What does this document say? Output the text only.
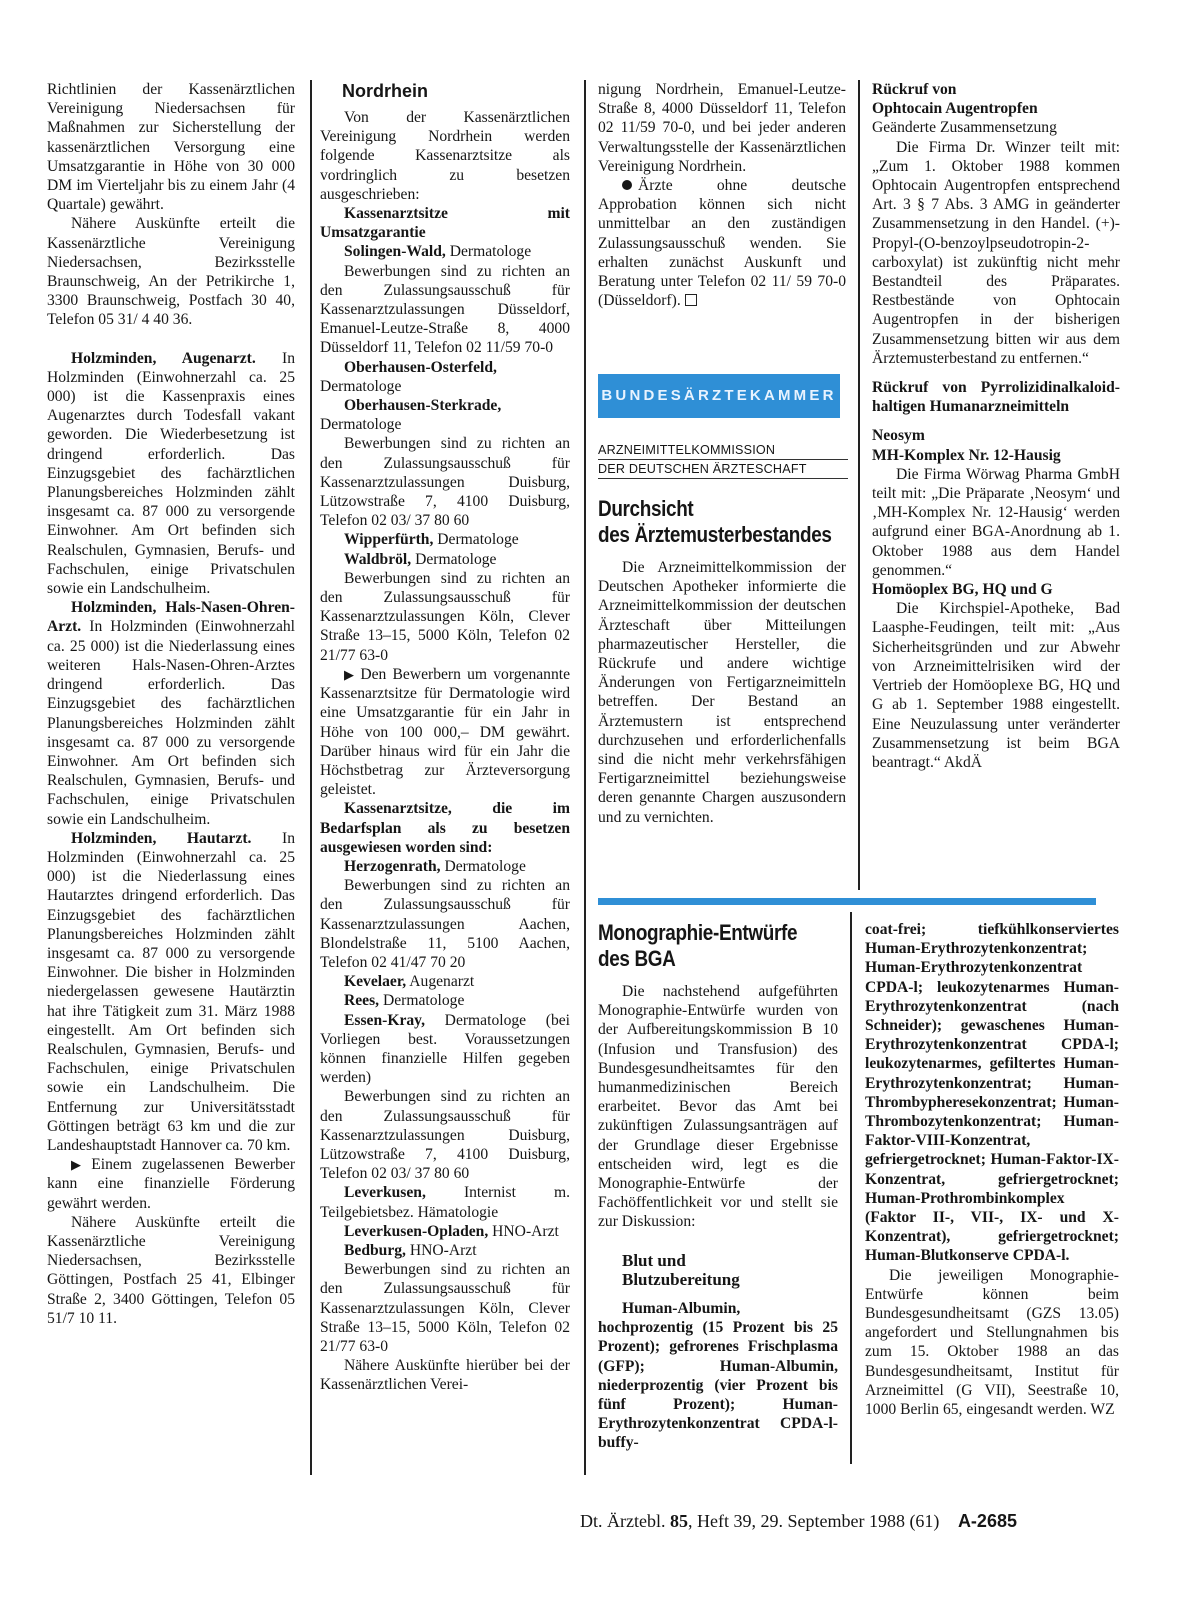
Richtlinien der Kassenärztlichen Vereinigung Niedersachsen für Maßnahmen zur Sicherstellung der kassenärztlichen Versorgung eine Umsatzgarantie in Höhe von 30 000 DM im Vierteljahr bis zu einem Jahr (4 Quartale) gewährt.

Nähere Auskünfte erteilt die Kassenärztliche Vereinigung Niedersachsen, Bezirksstelle Braunschweig, An der Petrikirche 1, 3300 Braunschweig, Postfach 30 40, Telefon 05 31/ 4 40 36.

Holzminden, Augenarzt. In Holzminden (Einwohnerzahl ca. 25 000) ist die Kassenpraxis eines Augenarztes durch Todesfall vakant geworden. Die Wiederbesetzung ist dringend erforderlich. Das Einzugsgebiet des fachärztlichen Planungsbereiches Holzminden zählt insgesamt ca. 87 000 zu versorgende Einwohner. Am Ort befinden sich Realschulen, Gymnasien, Berufs- und Fachschulen, einige Privatschulen sowie ein Landschulheim.

Holzminden, Hals-Nasen-Ohren-Arzt. In Holzminden (Einwohnerzahl ca. 25 000) ist die Niederlassung eines weiteren Hals-Nasen-Ohren-Arztes dringend erforderlich. Das Einzugsgebiet des fachärztlichen Planungsbereiches Holzminden zählt insgesamt ca. 87 000 zu versorgende Einwohner. Am Ort befinden sich Realschulen, Gymnasien, Berufs- und Fachschulen, einige Privatschulen sowie ein Landschulheim.

Holzminden, Hautarzt. In Holzminden (Einwohnerzahl ca. 25 000) ist die Niederlassung eines Hautarztes dringend erforderlich. Das Einzugsgebiet des fachärztlichen Planungsbereiches Holzminden zählt insgesamt ca. 87 000 zu versorgende Einwohner. Die bisher in Holzminden niedergelassen gewesene Hautärztin hat ihre Tätigkeit zum 31. März 1988 eingestellt. Am Ort befinden sich Realschulen, Gymnasien, Berufs- und Fachschulen, einige Privatschulen sowie ein Landschulheim. Die Entfernung zur Universitätsstadt Göttingen beträgt 63 km und die zur Landeshauptstadt Hannover ca. 70 km.

▶ Einem zugelassenen Bewerber kann eine finanzielle Förderung gewährt werden.

Nähere Auskünfte erteilt die Kassenärztliche Vereinigung Niedersachsen, Bezirksstelle Göttingen, Postfach 25 41, Elbinger Straße 2, 3400 Göttingen, Telefon 05 51/7 10 11.

Nordrhein

Von der Kassenärztlichen Vereinigung Nordrhein werden folgende Kassenarztsitze als vordringlich zu besetzen ausgeschrieben:

Kassenarztsitze mit Umsatzgarantie

Solingen-Wald, Dermatologe

Bewerbungen sind zu richten an den Zulassungsausschuß für Kassenarztzulassungen Düsseldorf, Emanuel-Leutze-Straße 8, 4000 Düsseldorf 11, Telefon 02 11/59 70-0

Oberhausen-Osterfeld, Dermatologe

Oberhausen-Sterkrade, Dermatologe

Bewerbungen sind zu richten an den Zulassungsausschuß für Kassenarztzulassungen Duisburg, Lützowstraße 7, 4100 Duisburg, Telefon 02 03/ 37 80 60

Wipperfürth, Dermatologe

Waldbröl, Dermatologe

Bewerbungen sind zu richten an den Zulassungsausschuß für Kassenarztzulassungen Köln, Clever Straße 13–15, 5000 Köln, Telefon 02 21/77 63-0

▶ Den Bewerbern um vorgenannte Kassenarztsitze für Dermatologie wird eine Umsatzgarantie für ein Jahr in Höhe von 100 000,– DM gewährt. Darüber hinaus wird für ein Jahr die Höchstbetrag zur Ärzteversorgung geleistet.

Kassenarztsitze, die im Bedarfsplan als zu besetzen ausgewiesen worden sind:

Herzogenrath, Dermatologe

Bewerbungen sind zu richten an den Zulassungsausschuß für Kassenarztzulassungen Aachen, Blondelstraße 11, 5100 Aachen, Telefon 02 41/47 70 20

Kevelaer, Augenarzt

Rees, Dermatologe

Essen-Kray, Dermatologe (bei Vorliegen best. Voraussetzungen können finanzielle Hilfen gegeben werden)

Bewerbungen sind zu richten an den Zulassungsausschuß für Kassenarztzulassungen Duisburg, Lützowstraße 7, 4100 Duisburg, Telefon 02 03/ 37 80 60

Leverkusen, Internist m. Teilgebietsbez. Hämatologie

Leverkusen-Opladen, HNO-Arzt

Bedburg, HNO-Arzt

Bewerbungen sind zu richten an den Zulassungsausschuß für Kassenarztzulassungen Köln, Clever Straße 13–15, 5000 Köln, Telefon 02 21/77 63-0

Nähere Auskünfte hierüber bei der Kassenärztlichen Verei-

nigung Nordrhein, Emanuel-Leutze-Straße 8, 4000 Düsseldorf 11, Telefon 02 11/59 70-0, und bei jeder anderen Verwaltungsstelle der Kassenärztlichen Vereinigung Nordrhein.

Ärzte ohne deutsche Approbation können sich nicht unmittelbar an den zuständigen Zulassungsausschuß wenden. Sie erhalten zunächst Auskunft und Beratung unter Telefon 02 11/ 59 70-0 (Düsseldorf).

BUNDESÄRZTEKAMMER
ARZNEIMITTELKOMMISSION
DER DEUTSCHEN ÄRZTESCHAFT
Durchsicht
des Ärztemusterbestandes

Die Arzneimittelkommission der Deutschen Apotheker informierte die Arzneimittelkommission der deutschen Ärzteschaft über Mitteilungen pharmazeutischer Hersteller, die Rückrufe und andere wichtige Änderungen von Fertigarzneimitteln betreffen. Der Bestand an Ärztemustern ist entsprechend durchzusehen und erforderlichenfalls sind die nicht mehr verkehrsfähigen Fertigarzneimittel beziehungsweise deren genannte Chargen auszusondern und zu vernichten.

Rückruf von

Ophtocain Augentropfen

Geänderte Zusammensetzung

Die Firma Dr. Winzer teilt mit: „Zum 1. Oktober 1988 kommen Ophtocain Augentropfen entsprechend Art. 3 § 7 Abs. 3 AMG in geänderter Zusammensetzung in den Handel. (+)-Propyl-(O-benzoylpseudotropin-2-carboxylat) ist zukünftig nicht mehr Bestandteil des Präparates. Restbestände von Ophtocain Augentropfen in der bisherigen Zusammensetzung bitten wir aus dem Ärztemusterbestand zu entfernen.“

Rückruf von Pyrrolizidinalkaloid-haltigen Humanarzneimitteln

Neosym

MH-Komplex Nr. 12-Hausig

Die Firma Wörwag Pharma GmbH teilt mit: „Die Präparate ‚Neosym‘ und ‚MH-Komplex Nr. 12-Hausig‘ werden aufgrund einer BGA-Anordnung ab 1. Oktober 1988 aus dem Handel genommen.“

Homöoplex BG, HQ und G

Die Kirchspiel-Apotheke, Bad Laasphe-Feudingen, teilt mit: „Aus Sicherheitsgründen und zur Abwehr von Arzneimittelrisiken wird der Vertrieb der Homöoplexe BG, HQ und G ab 1. September 1988 eingestellt. Eine Neuzulassung unter veränderter Zusammensetzung ist beim BGA beantragt.“ AkdÄ

Monographie-Entwürfe
des BGA

Die nachstehend aufgeführten Monographie-Entwürfe wurden von der Aufbereitungskommission B 10 (Infusion und Transfusion) des Bundesgesundheitsamtes für den humanmedizinischen Bereich erarbeitet. Bevor das Amt bei zukünftigen Zulassungsanträgen auf der Grundlage dieser Ergebnisse entscheiden wird, legt es die Monographie-Entwürfe der Fachöffentlichkeit vor und stellt sie zur Diskussion:

Blut und

Blutzubereitung

Human-Albumin, hochprozentig (15 Prozent bis 25 Prozent); gefrorenes Frischplasma (GFP); Human-Albumin, niederprozentig (vier Prozent bis fünf Prozent); Human-Erythrozytenkonzentrat CPDA-l-buffy-

coat-frei; tiefkühlkonserviertes Human-Erythrozytenkonzentrat; Human-Erythrozytenkonzentrat CPDA-l; leukozytenarmes Human-Erythrozytenkonzentrat (nach Schneider); gewaschenes Human-Erythrozytenkonzentrat CPDA-l; leukozytenarmes, gefiltertes Human-Erythrozytenkonzentrat; Human-Thrombypheresekonzentrat; Human-Thrombozytenkonzentrat; Human-Faktor-VIII-Konzentrat, gefriergetrocknet; Human-Faktor-IX-Konzentrat, gefriergetrocknet; Human-Prothrombinkomplex (Faktor II-, VII-, IX- und X-Konzentrat), gefriergetrocknet; Human-Blutkonserve CPDA-l.

Die jeweiligen Monographie-Entwürfe können beim Bundesgesundheitsamt (GZS 13.05) angefordert und Stellungnahmen bis zum 15. Oktober 1988 an das Bundesgesundheitsamt, Institut für Arzneimittel (G VII), Seestraße 10, 1000 Berlin 65, eingesandt werden. WZ

Dt. Ärztebl. 85, Heft 39, 29. September 1988 (61) A-2685
